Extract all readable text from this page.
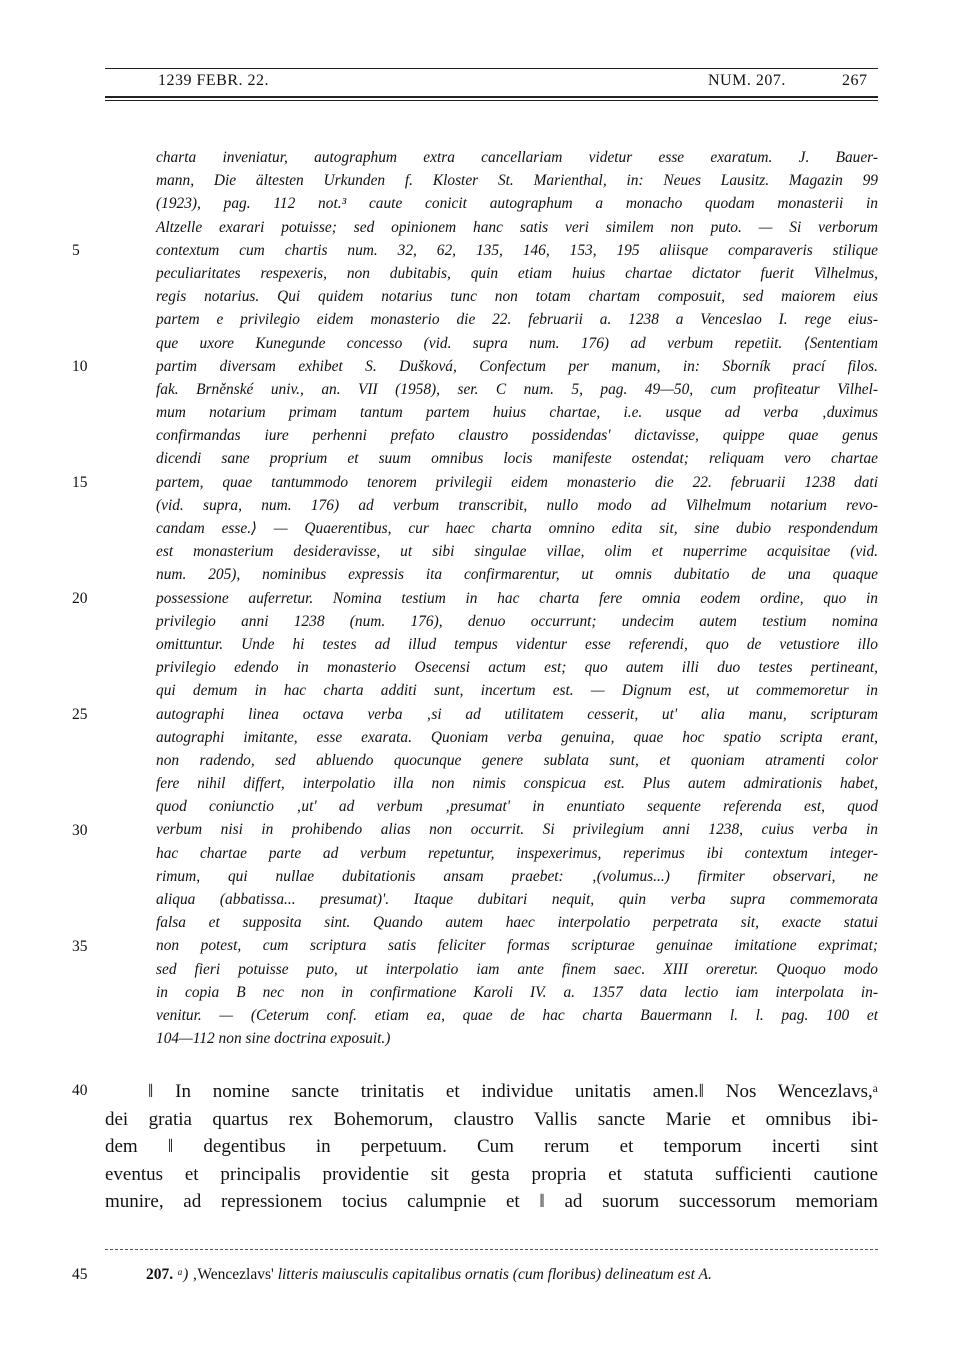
1239 FEBR. 22.	NUM. 207.	267
charta inveniatur, autographum extra cancellariam videtur esse exaratum. J. Bauer-
mann, Die ältesten Urkunden f. Kloster St. Marienthal, in: Neues Lausitz. Magazin 99
(1923), pag. 112 not.³ caute conicit autographum a monacho quodam monasterii in
Altzelle exarari potuisse; sed opinionem hanc satis veri similem non puto. — Si verborum
contextum cum chartis num. 32, 62, 135, 146, 153, 195 aliisque comparaveris stilique
peculiaritates respexeris, non dubitabis, quin etiam huius chartae dictator fuerit Vilhelmus,
regis notarius. Qui quidem notarius tunc non totam chartam composuit, sed maiorem eius
partem e privilegio eidem monasterio die 22. februarii a. 1238 a Venceslao I. rege eius-
que uxore Kunegunde concesso (vid. supra num. 176) ad verbum repetiit. ⟨Sententiam
partim diversam exhibet S. Dušková, Confectum per manum, in: Sborník prací filos.
fak. Brněnské univ., an. VII (1958), ser. C num. 5, pag. 49—50, cum profiteatur Vilhel-
mum notarium primam tantum partem huius chartae, i.e. usque ad verba ‚duximus
confirmandas iure perhenni prefato claustro possidendas' dictavisse, quippe quae genus
dicendi sane proprium et suum omnibus locis manifeste ostendat; reliquam vero chartae
partem, quae tantummodo tenorem privilegii eidem monasterio die 22. februarii 1238 dati
(vid. supra, num. 176) ad verbum transcribit, nullo modo ad Vilhelmum notarium revo-
candam esse.⟩ — Quaerentibus, cur haec charta omnino edita sit, sine dubio respondendum
est monasterium desideravisse, ut sibi singulae villae, olim et nuperrime acquisitae (vid.
num. 205), nominibus expressis ita confirmarentur, ut omnis dubitatio de una quaque
possessione auferretur. Nomina testium in hac charta fere omnia eodem ordine, quo in
privilegio anni 1238 (num. 176), denuo occurrunt; undecim autem testium nomina
omittuntur. Unde hi testes ad illud tempus videntur esse referendi, quo de vetustiore illo
privilegio edendo in monasterio Osecensi actum est; quo autem illi duo testes pertineant,
qui demum in hac charta additi sunt, incertum est. — Dignum est, ut commemoretur in
autographi linea octava verba ‚si ad utilitatem cesserit, ut' alia manu, scripturam
autographi imitante, esse exarata. Quoniam verba genuina, quae hoc spatio scripta erant,
non radendo, sed abluendo quocunque genere sublata sunt, et quoniam atramenti color
fere nihil differt, interpolatio illa non nimis conspicua est. Plus autem admirationis habet,
quod coniunctio ‚ut' ad verbum ‚presumat' in enuntiato sequente referenda est, quod
verbum nisi in prohibendo alias non occurrit. Si privilegium anni 1238, cuius verba in
hac chartae parte ad verbum repetuntur, inspexerimus, reperimus ibi contextum integer-
rimum, qui nullae dubitationis ansam praebet: ‚(volumus...) firmiter observari, ne
aliqua (abbatissa... presumat)'. Itaque dubitari nequit, quin verba supra commemorata
falsa et supposita sint. Quando autem haec interpolatio perpetrata sit, exacte statui
non potest, cum scriptura satis feliciter formas scripturae genuinae imitatione exprimat;
sed fieri potuisse puto, ut interpolatio iam ante finem saec. XIII oreretur. Quoquo modo
in copia B nec non in confirmatione Karoli IV. a. 1357 data lectio iam interpolata in-
venitur. — (Ceterum conf. etiam ea, quae de hac charta Bauermann l. l. pag. 100 et
104—112 non sine doctrina exposuit.)
5
10
15
20
25
30
35
40
45
‖ In nomine sancte trinitatis et individue unitatis amen.‖ Nos Wencezlavs,ᵃ
dei gratia quartus rex Bohemorum, claustro Vallis sancte Marie et omnibus ibi-
dem ‖ degentibus in perpetuum. Cum rerum et temporum incerti sint
eventus et principalis providentie sit gesta propria et statuta sufficienti cautione
munire, ad repressionem tocius calumpnie et ‖ ad suorum successorum memoriam
207. ᵃ) ‚Wencezlavs' litteris maiusculis capitalibus ornatis (cum floribus) delineatum est A.
